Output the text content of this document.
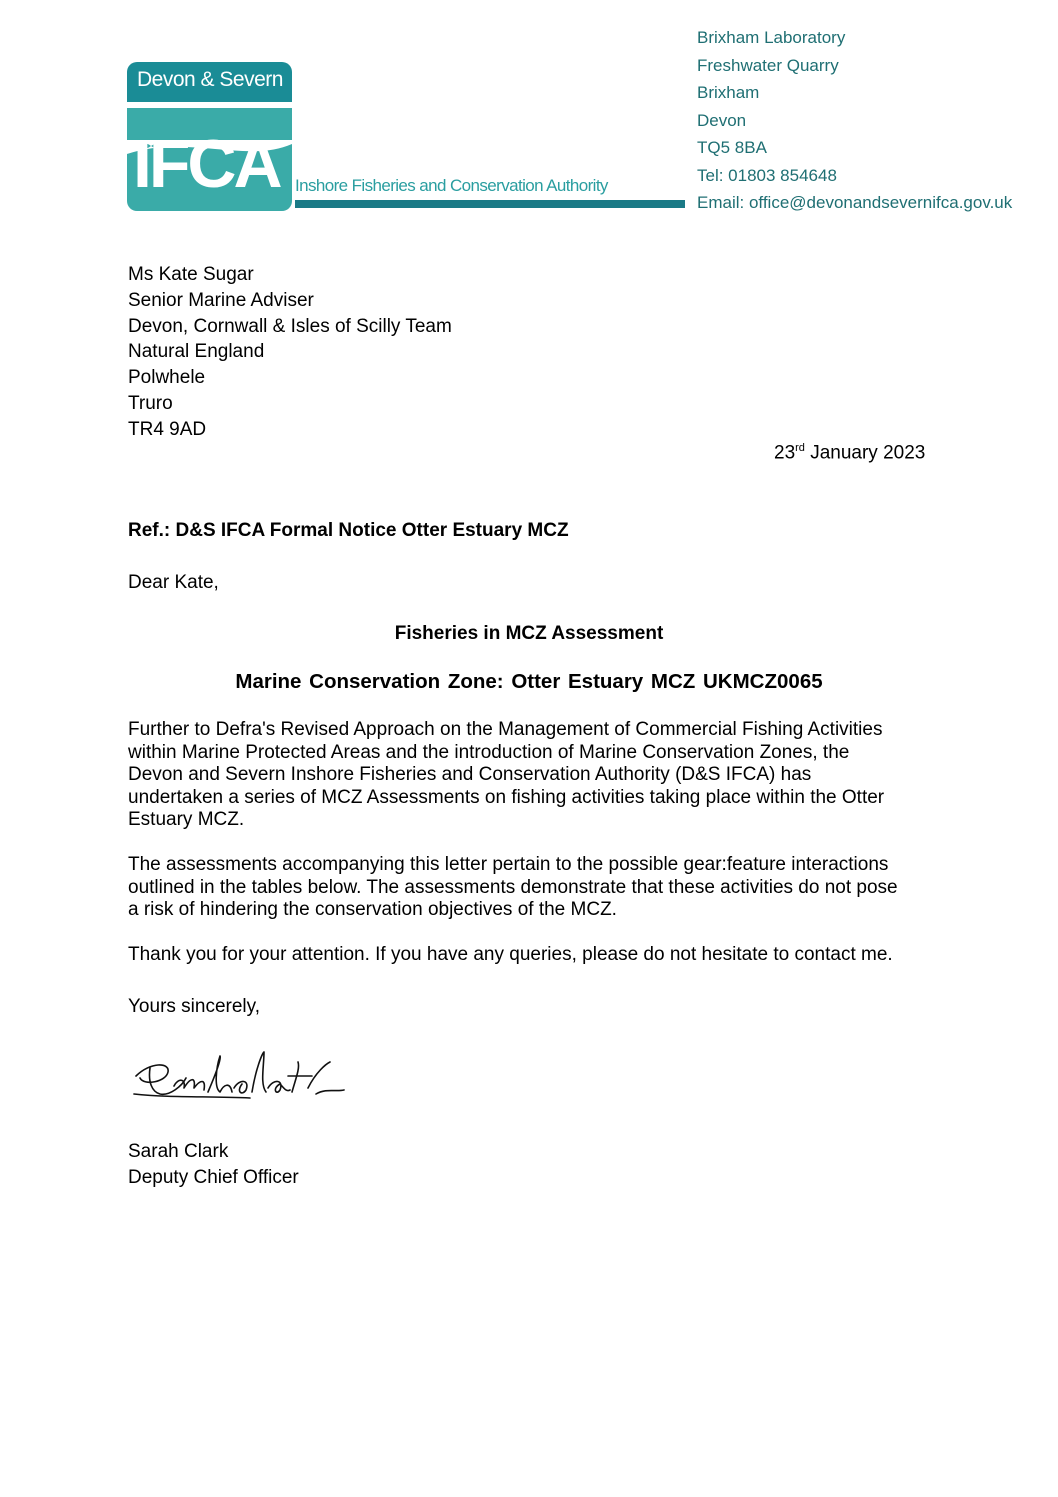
Devon & Severn
IFCA Inshore Fisheries and Conservation Authority
Brixham Laboratory
Freshwater Quarry
Brixham
Devon
TQ5 8BA
Tel: 01803 854648
Email: office@devonandsevernifca.gov.uk
Ms Kate Sugar
Senior Marine Adviser
Devon, Cornwall & Isles of Scilly Team
Natural England
Polwhele
Truro
TR4 9AD
23rd January 2023
Ref.: D&S IFCA Formal Notice Otter Estuary MCZ
Dear Kate,
Fisheries in MCZ Assessment
Marine Conservation Zone: Otter Estuary MCZ UKMCZ0065
Further to Defra's Revised Approach on the Management of Commercial Fishing Activities
within Marine Protected Areas and the introduction of Marine Conservation Zones, the
Devon and Severn Inshore Fisheries and Conservation Authority (D&S IFCA) has
undertaken a series of MCZ Assessments on fishing activities taking place within the Otter
Estuary MCZ.
The assessments accompanying this letter pertain to the possible gear:feature interactions
outlined in the tables below. The assessments demonstrate that these activities do not pose
a risk of hindering the conservation objectives of the MCZ.
Thank you for your attention. If you have any queries, please do not hesitate to contact me.
Yours sincerely,
Sarah Clark
Deputy Chief Officer
